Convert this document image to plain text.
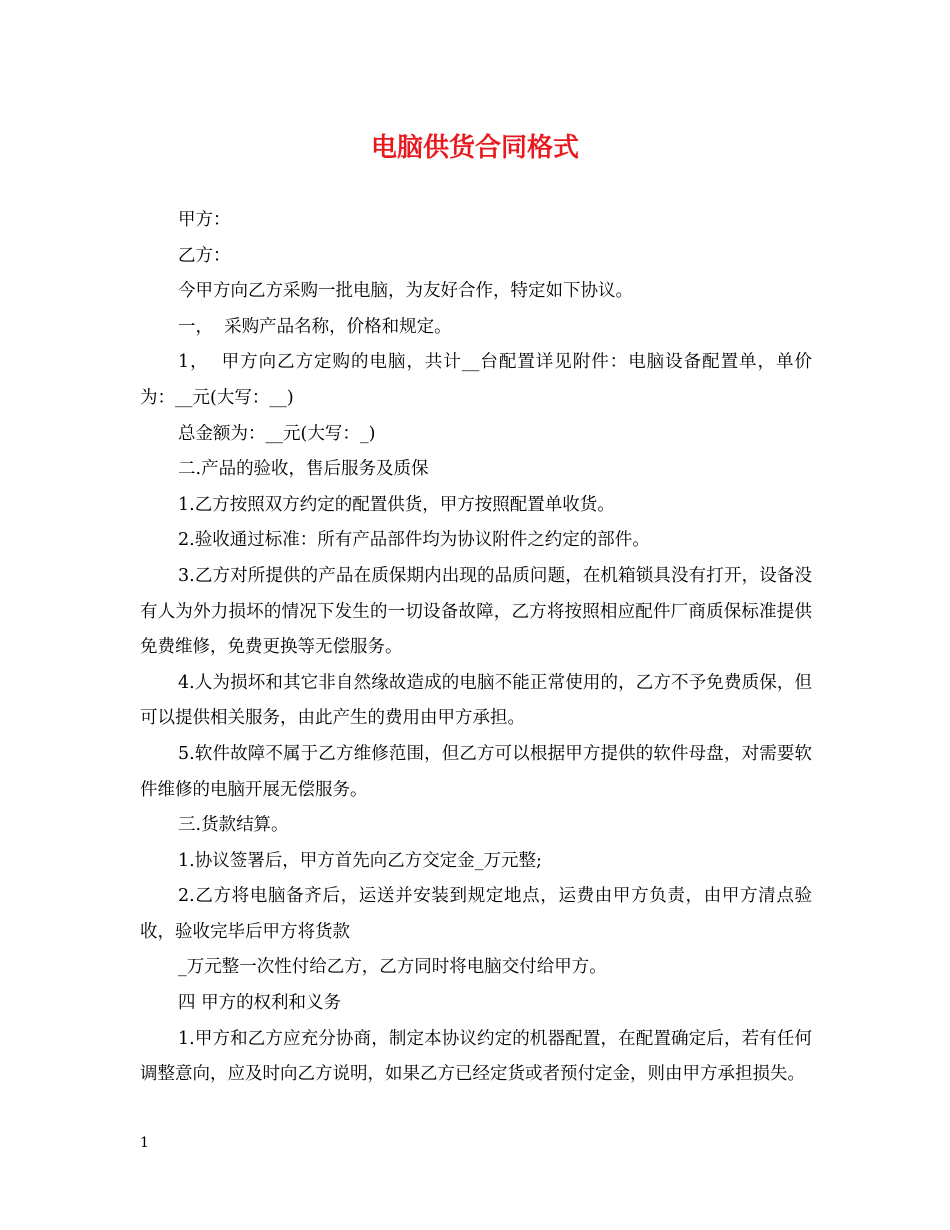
电脑供货合同格式

甲方：

乙方：

今甲方向乙方采购一批电脑，为友好合作，特定如下协议。

一，  采购产品名称，价格和规定。

1，  甲方向乙方定购的电脑，共计__台配置详见附件：电脑设备配置单，单价为：__元(大写：__)

总金额为：__元(大写：_)

二.产品的验收，售后服务及质保

1.乙方按照双方约定的配置供货，甲方按照配置单收货。

2.验收通过标准：所有产品部件均为协议附件之约定的部件。

3.乙方对所提供的产品在质保期内出现的品质问题，在机箱锁具没有打开，设备没有人为外力损坏的情况下发生的一切设备故障，乙方将按照相应配件厂商质保标准提供免费维修，免费更换等无偿服务。

4.人为损坏和其它非自然缘故造成的电脑不能正常使用的，乙方不予免费质保，但可以提供相关服务，由此产生的费用由甲方承担。

5.软件故障不属于乙方维修范围，但乙方可以根据甲方提供的软件母盘，对需要软件维修的电脑开展无偿服务。

三.货款结算。

1.协议签署后，甲方首先向乙方交定金_万元整;

2.乙方将电脑备齐后，运送并安装到规定地点，运费由甲方负责，由甲方清点验收，验收完毕后甲方将货款

_万元整一次性付给乙方，乙方同时将电脑交付给甲方。

四 甲方的权利和义务

1.甲方和乙方应充分协商，制定本协议约定的机器配置，在配置确定后，若有任何调整意向，应及时向乙方说明，如果乙方已经定货或者预付定金，则由甲方承担损失。

1
